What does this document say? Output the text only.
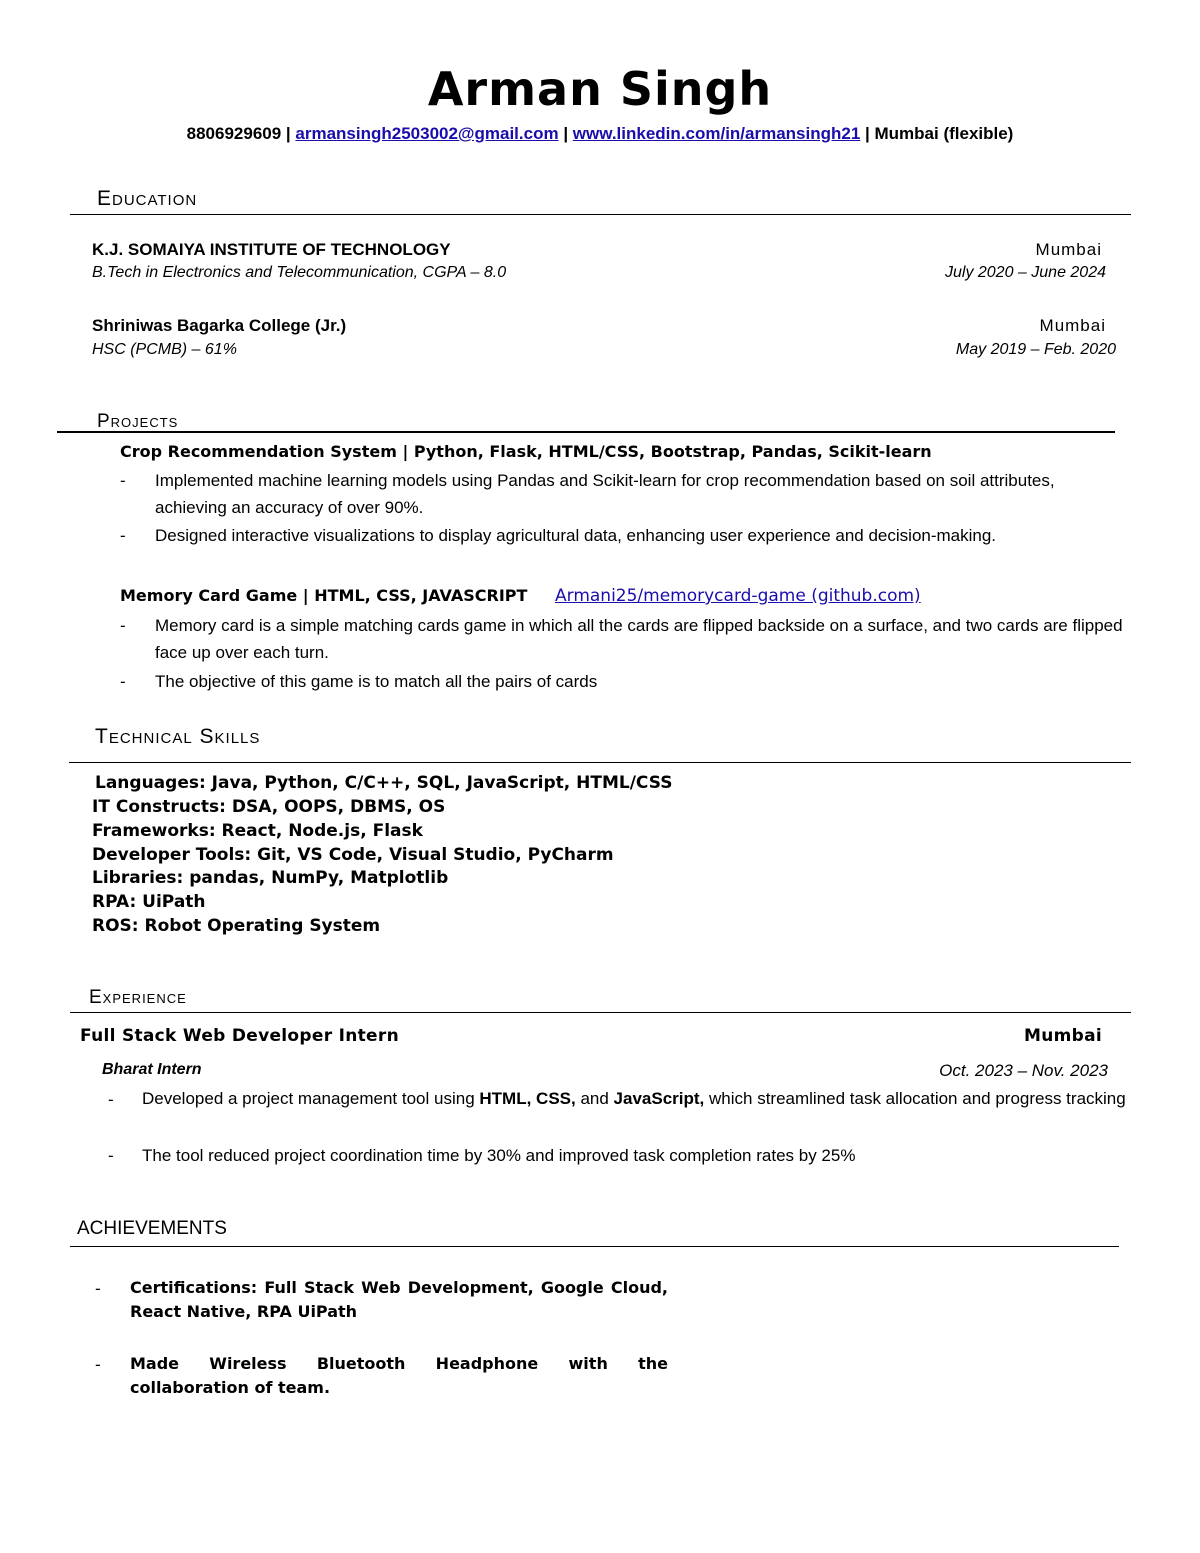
Arman Singh
8806929609 | armansingh2503002@gmail.com | www.linkedin.com/in/armansingh21 | Mumbai (flexible)
Education
K.J. SOMAIYA INSTITUTE OF TECHNOLOGY	Mumbai
B.Tech in Electronics and Telecommunication, CGPA – 8.0	July 2020 – June 2024
Shriniwas Bagarka College (Jr.)	Mumbai
HSC (PCMB) – 61%	May 2019 – Feb. 2020
Projects
Crop Recommendation System | Python, Flask, HTML/CSS, Bootstrap, Pandas, Scikit-learn
- Implemented machine learning models using Pandas and Scikit-learn for crop recommendation based on soil attributes, achieving an accuracy of over 90%.
- Designed interactive visualizations to display agricultural data, enhancing user experience and decision-making.
Memory Card Game | HTML, CSS, JAVASCRIPT Armani25/memorycard-game (github.com)
- Memory card is a simple matching cards game in which all the cards are flipped backside on a surface, and two cards are flipped face up over each turn.
- The objective of this game is to match all the pairs of cards
Technical Skills
Languages: Java, Python, C/C++, SQL, JavaScript, HTML/CSS
IT Constructs: DSA, OOPS, DBMS, OS
Frameworks: React, Node.js, Flask
Developer Tools: Git, VS Code, Visual Studio, PyCharm
Libraries: pandas, NumPy, Matplotlib
RPA: UiPath
ROS: Robot Operating System
Experience
Full Stack Web Developer Intern	Mumbai
Bharat Intern	Oct. 2023 – Nov. 2023
- Developed a project management tool using HTML, CSS, and JavaScript, which streamlined task allocation and progress tracking
- The tool reduced project coordination time by 30% and improved task completion rates by 25%
ACHIEVEMENTS
- Certifications: Full Stack Web Development, Google Cloud, React Native, RPA UiPath
- Made Wireless Bluetooth Headphone with the collaboration of team.
